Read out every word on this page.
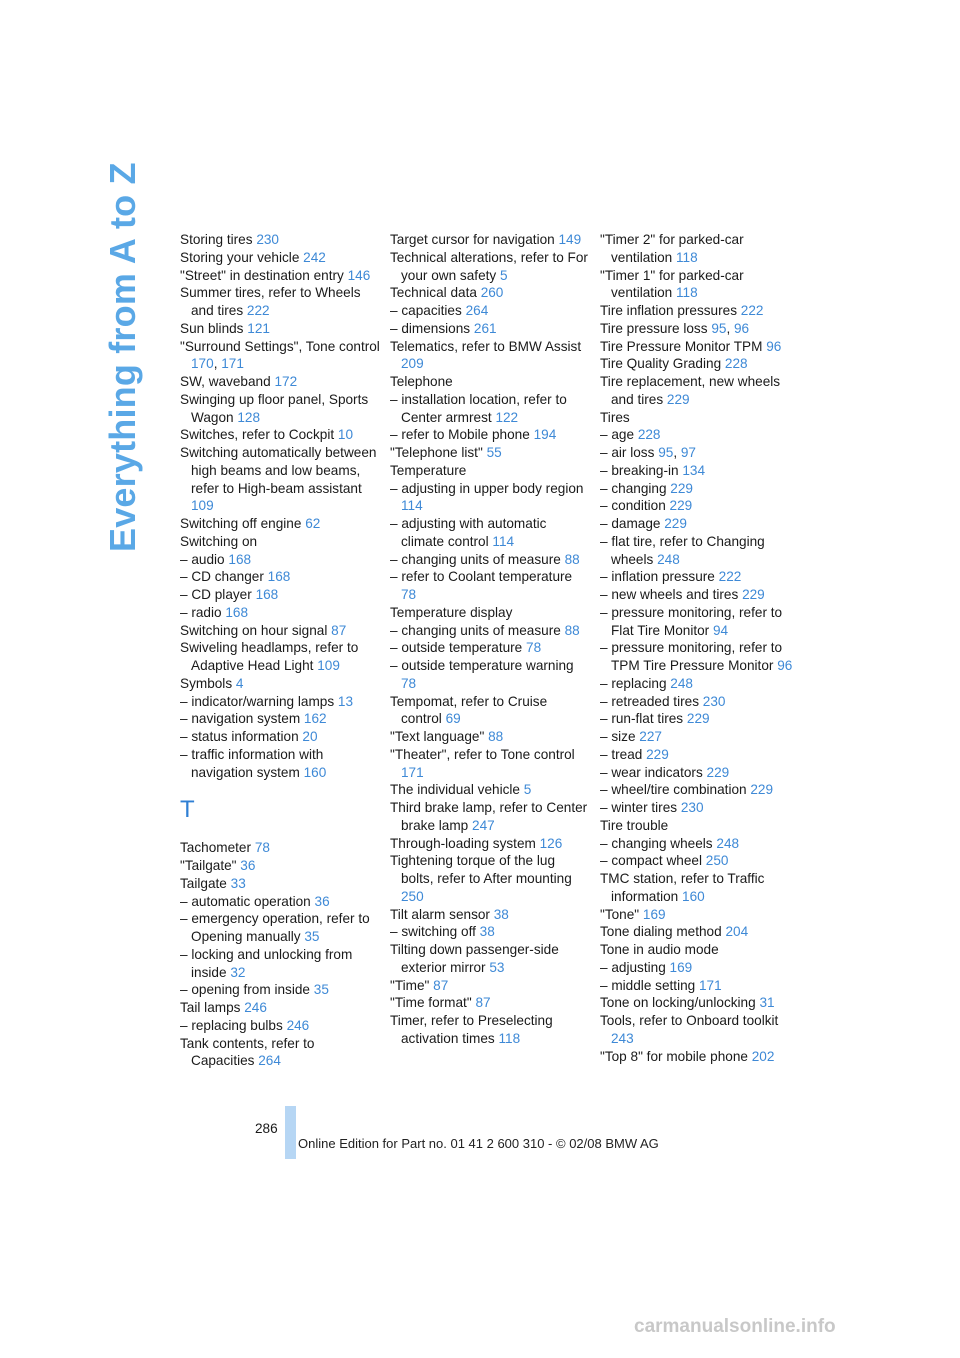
Everything from A to Z	Storing tires 230
Storing your vehicle 242
"Street" in destination entry 146
Summer tires, refer to Wheels and tires 222
Sun blinds 121
"Surround Settings", Tone control 170, 171
SW, waveband 172
Swinging up floor panel, Sports Wagon 128
Switches, refer to Cockpit 10
Switching automatically between high beams and low beams, refer to High-beam assistant 109
Switching off engine 62
Switching on
– audio 168
– CD changer 168
– CD player 168
– radio 168
Switching on hour signal 87
Swiveling headlamps, refer to Adaptive Head Light 109
Symbols 4
– indicator/warning lamps 13
– navigation system 162
– status information 20
– traffic information with navigation system 160
T
Tachometer 78
"Tailgate" 36
Tailgate 33
– automatic operation 36
– emergency operation, refer to Opening manually 35
– locking and unlocking from inside 32
– opening from inside 35
Tail lamps 246
– replacing bulbs 246
Tank contents, refer to Capacities 264
Target cursor for navigation 149
Technical alterations, refer to For your own safety 5
Technical data 260
– capacities 264
– dimensions 261
Telematics, refer to BMW Assist 209
Telephone
– installation location, refer to Center armrest 122
– refer to Mobile phone 194
"Telephone list" 55
Temperature
– adjusting in upper body region 114
– adjusting with automatic climate control 114
– changing units of measure 88
– refer to Coolant temperature 78
Temperature display
– changing units of measure 88
– outside temperature 78
– outside temperature warning 78
Tempomat, refer to Cruise control 69
"Text language" 88
"Theater", refer to Tone control 171
The individual vehicle 5
Third brake lamp, refer to Center brake lamp 247
Through-loading system 126
Tightening torque of the lug bolts, refer to After mounting 250
Tilt alarm sensor 38
– switching off 38
Tilting down passenger-side exterior mirror 53
"Time" 87
"Time format" 87
Timer, refer to Preselecting activation times 118
"Timer 2" for parked-car ventilation 118
"Timer 1" for parked-car ventilation 118
Tire inflation pressures 222
Tire pressure loss 95, 96
Tire Pressure Monitor TPM 96
Tire Quality Grading 228
Tire replacement, new wheels and tires 229
Tires
– age 228
– air loss 95, 97
– breaking-in 134
– changing 229
– condition 229
– damage 229
– flat tire, refer to Changing wheels 248
– inflation pressure 222
– new wheels and tires 229
– pressure monitoring, refer to Flat Tire Monitor 94
– pressure monitoring, refer to TPM Tire Pressure Monitor 96
– replacing 248
– retreaded tires 230
– run-flat tires 229
– size 227
– tread 229
– wear indicators 229
– wheel/tire combination 229
– winter tires 230
Tire trouble
– changing wheels 248
– compact wheel 250
TMC station, refer to Traffic information 160
"Tone" 169
Tone dialing method 204
Tone in audio mode
– adjusting 169
– middle setting 171
Tone on locking/unlocking 31
Tools, refer to Onboard toolkit 243
"Top 8" for mobile phone 202
286
Online Edition for Part no. 01 41 2 600 310 - © 02/08 BMW AG
carmanualsonline.info
